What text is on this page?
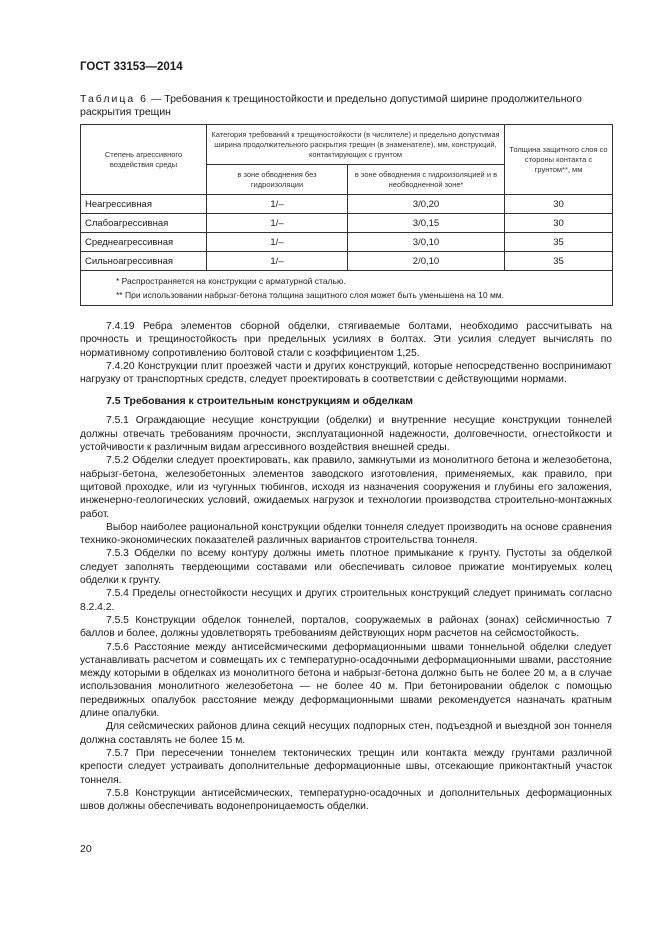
ГОСТ 33153—2014
Таблица 6 — Требования к трещиностойкости и предельно допустимой ширине продолжительного раскрытия трещин
Степень агрессивного воздействия среды	Категория требований к трещиностойкости (в числителе) и предельно допустимая ширина продолжительного раскрытия трещин (в знаменателе), мм, конструкций, контактирующих с грунтом		Толщина защитного слоя со стороны контакта с грунтом**, мм
	в зоне обводнения без гидроизоляции	в зоне обводнения с гидроизоляцией и в необводненной зоне*	
Неагрессивная	1/–	3/0,20	30
Слабоагрессивная	1/–	3/0,15	30
Среднеагрессивная	1/–	3/0,10	35
Сильноагрессивная	1/–	2/0,10	35

* Распространяется на конструкции с арматурной сталью.
** При использовании набрызг-бетона толщина защитного слоя может быть уменьшена на 10 мм.			

7.4.19 Ребра элементов сборной обделки, стягиваемые болтами, необходимо рассчитывать на прочность и трещиностойкость при предельных усилиях в болтах. Эти усилия следует вычислять по нормативному сопротивлению болтовой стали с коэффициентом 1,25.

7.4.20 Конструкции плит проезжей части и других конструкций, которые непосредственно воспринимают нагрузку от транспортных средств, следует проектировать в соответствии с действующими нормами.

7.5 Требования к строительным конструкциям и обделкам

7.5.1 Ограждающие несущие конструкции (обделки) и внутренние несущие конструкции тоннелей должны отвечать требованиям прочности, эксплуатационной надежности, долговечности, огнестойкости и устойчивости к различным видам агрессивного воздействия внешней среды.

7.5.2 Обделки следует проектировать, как правило, замкнутыми из монолитного бетона и железобетона, набрызг-бетона, железобетонных элементов заводского изготовления, применяемых, как правило, при щитовой проходке, или из чугунных тюбингов, исходя из назначения сооружения и глубины его заложения, инженерно-геологических условий, ожидаемых нагрузок и технологии производства строительно-монтажных работ.

Выбор наиболее рациональной конструкции обделки тоннеля следует производить на основе сравнения технико-экономических показателей различных вариантов строительства тоннеля.

7.5.3 Обделки по всему контуру должны иметь плотное примыкание к грунту. Пустоты за обделкой следует заполнять твердеющими составами или обеспечивать силовое прижатие монтируемых колец обделки к грунту.

7.5.4 Пределы огнестойкости несущих и других строительных конструкций следует принимать согласно 8.2.4.2.

7.5.5 Конструкции обделок тоннелей, порталов, сооружаемых в районах (зонах) сейсмичностью 7 баллов и более, должны удовлетворять требованиям действующих норм расчетов на сейсмостойкость.

7.5.6 Расстояние между антисейсмическими деформационными швами тоннельной обделки следует устанавливать расчетом и совмещать их с температурно-осадочными деформационными швами, расстояние между которыми в обделках из монолитного бетона и набрызг-бетона должно быть не более 20 м, а в случае использования монолитного железобетона — не более 40 м. При бетонировании обделок с помощью передвижных опалубок расстояние между деформационными швами рекомендуется назначать кратным длине опалубки.

Для сейсмических районов длина секций несущих подпорных стен, подъездной и выездной зон тоннеля должна составлять не более 15 м.

7.5.7 При пересечении тоннелем тектонических трещин или контакта между грунтами различной крепости следует устраивать дополнительные деформационные швы, отсекающие приконтактный участок тоннеля.

7.5.8 Конструкции антисейсмических, температурно-осадочных и дополнительных деформационных швов должны обеспечивать водонепроницаемость обделки.

20
